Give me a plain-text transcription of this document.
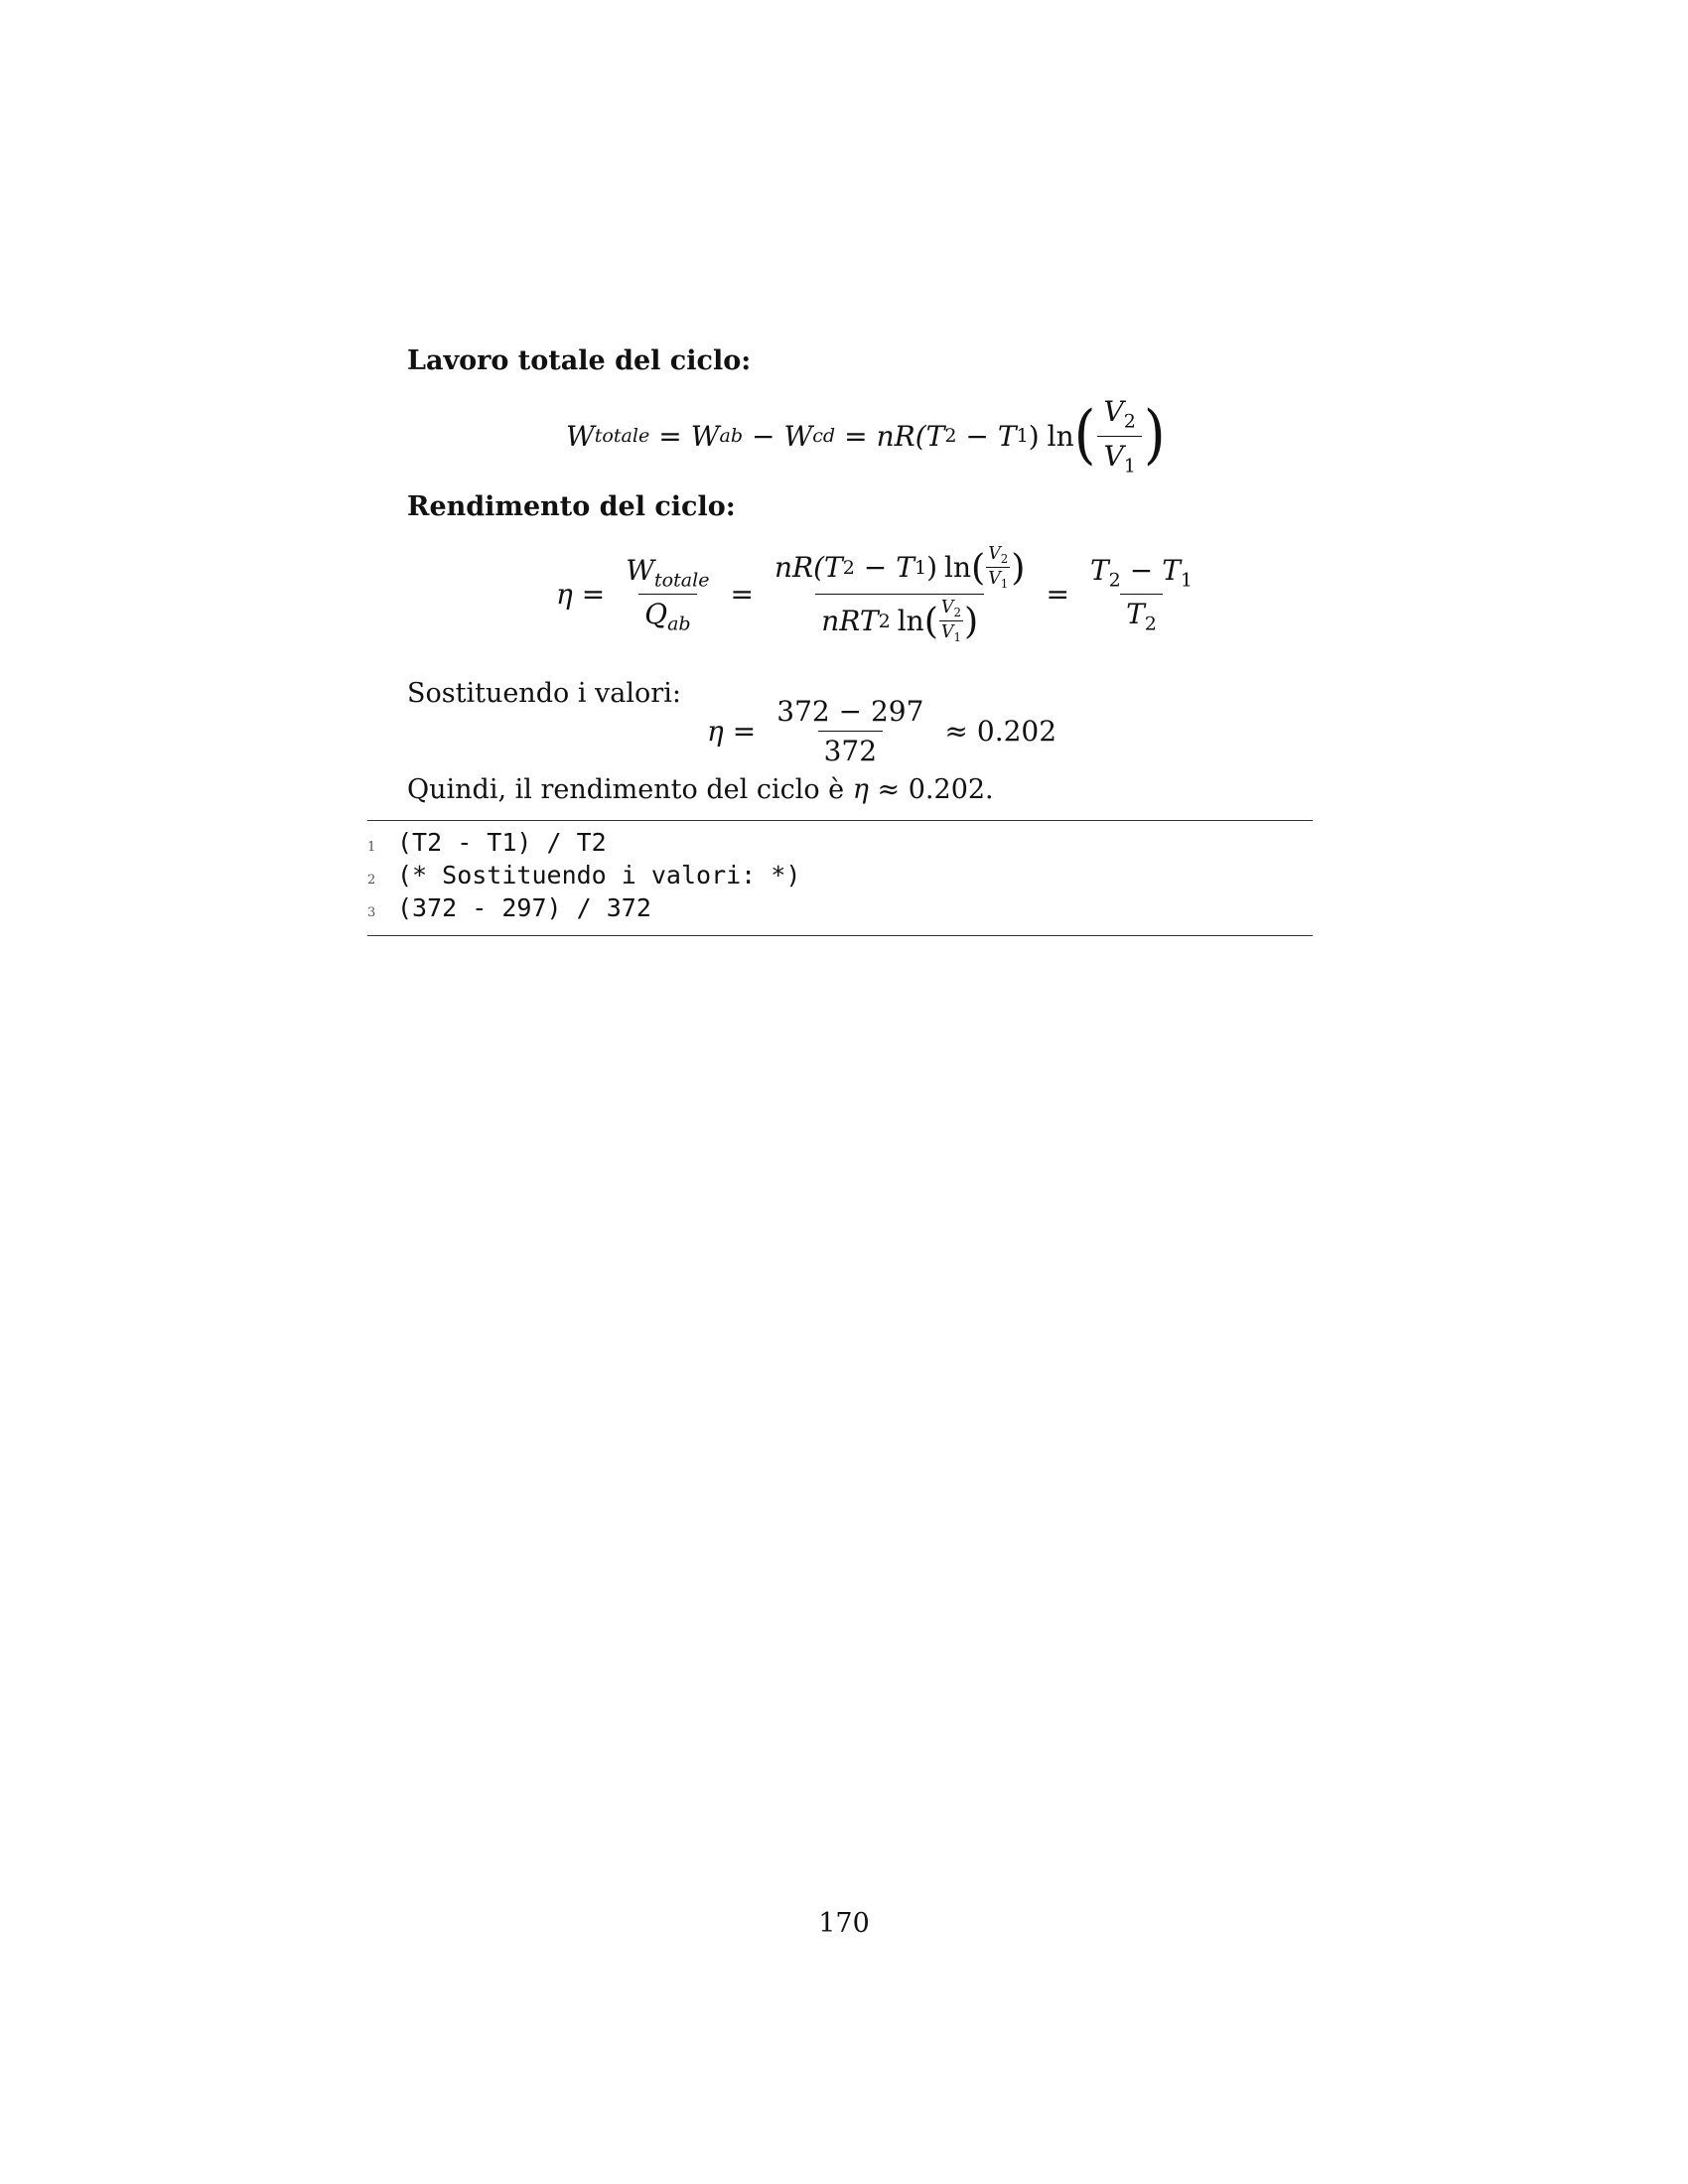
Lavoro totale del ciclo:
W totale = W ab − W cd = nR( T 2 − T 1 ) ln ( $\frac{V_2}{V_1}$ )
Rendimento del ciclo:
$\eta = \frac{W_{totale}}{Q_{ab}}$ =
nR( T 2 − T 1 ) ln ( $\frac{V_2}{V_1}$ )
nRT 2 ln ( $\frac{V_2}{V_1}$ )
= $\frac{T_2 - T_1}{T_2}$
Sostituendo i valori:
$\eta = \frac{372 - 297}{372} \approx 0.202$
Quindi, il rendimento del ciclo è η ≈ 0.202.
1 (T2 - T1) / T2
2 (* Sostituendo i valori: *)
3 (372 - 297) / 372
170
